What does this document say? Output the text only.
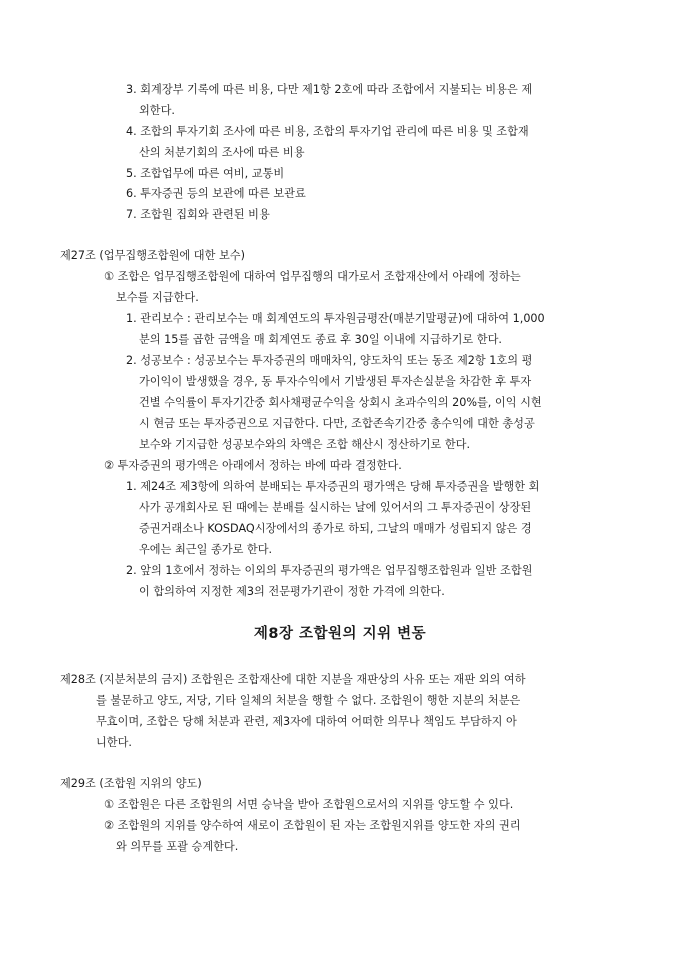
3. 회계장부 기록에 따른 비용, 다만 제1항 2호에 따라 조합에서 지불되는 비용은 제
외한다.
4. 조합의 투자기회 조사에 따른 비용, 조합의 투자기업 관리에 따른 비용 및 조합재
산의 처분기회의 조사에 따른 비용
5. 조합업무에 따른 여비, 교통비
6. 투자증권 등의 보관에 따른 보관료
7. 조합원 집회와 관련된 비용
제27조 (업무집행조합원에 대한 보수)
① 조합은 업무집행조합원에 대하여 업무집행의 대가로서 조합재산에서 아래에 정하는
보수를 지급한다.
1. 관리보수 : 관리보수는 매 회계연도의 투자원금평잔(매분기말평균)에 대하여 1,000
분의 15를 곱한 금액을 매 회계연도 종료 후 30일 이내에 지급하기로 한다.
2. 성공보수 : 성공보수는 투자증권의 매매차익, 양도차익 또는 동조 제2항 1호의 평
가이익이 발생했을 경우, 동 투자수익에서 기발생된 투자손실분을 차감한 후 투자
건별 수익률이 투자기간중 회사채평균수익을 상회시 초과수익의 20%를, 이익 시현
시 현금 또는 투자증권으로 지급한다. 다만, 조합존속기간중 총수익에 대한 총성공
보수와 기지급한 성공보수와의 차액은 조합 해산시 정산하기로 한다.
② 투자증권의 평가액은 아래에서 정하는 바에 따라 결정한다.
1. 제24조 제3항에 의하여 분배되는 투자증권의 평가액은 당해 투자증권을 발행한 회
사가 공개회사로 된 때에는 분배를 실시하는 날에 있어서의 그 투자증권이 상장된
증권거래소나 KOSDAQ시장에서의 종가로 하되, 그날의 매매가 성립되지 않은 경
우에는 최근일 종가로 한다.
2. 앞의 1호에서 정하는 이외의 투자증권의 평가액은 업무집행조합원과 일반 조합원
이 합의하여 지정한 제3의 전문평가기관이 정한 가격에 의한다.
제8장 조합원의 지위 변동
제28조 (지분처분의 금지) 조합원은 조합재산에 대한 지분을 재판상의 사유 또는 재판 외의 여하
를 불문하고 양도, 저당, 기타 일체의 처분을 행할 수 없다. 조합원이 행한 지분의 처분은
무효이며, 조합은 당해 처분과 관련, 제3자에 대하여 어떠한 의무나 책임도 부담하지 아
니한다.
제29조 (조합원 지위의 양도)
① 조합원은 다른 조합원의 서면 승낙을 받아 조합원으로서의 지위를 양도할 수 있다.
② 조합원의 지위를 양수하여 새로이 조합원이 된 자는 조합원지위를 양도한 자의 권리
와 의무를 포괄 승계한다.
